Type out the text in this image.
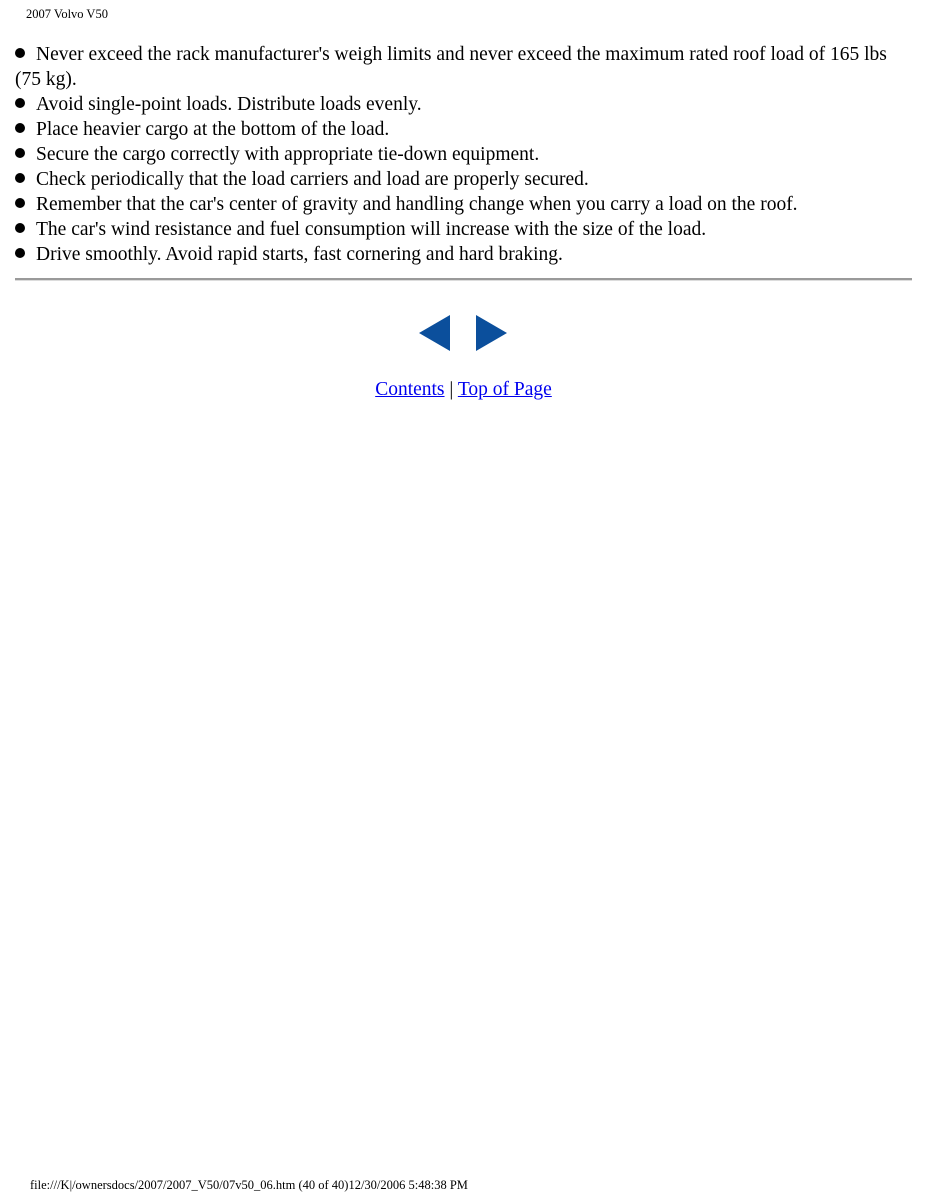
2007 Volvo V50
Never exceed the rack manufacturer's weigh limits and never exceed the maximum rated roof load of 165 lbs (75 kg).
Avoid single-point loads. Distribute loads evenly.
Place heavier cargo at the bottom of the load.
Secure the cargo correctly with appropriate tie-down equipment.
Check periodically that the load carriers and load are properly secured.
Remember that the car's center of gravity and handling change when you carry a load on the roof.
The car's wind resistance and fuel consumption will increase with the size of the load.
Drive smoothly. Avoid rapid starts, fast cornering and hard braking.
Contents | Top of Page
file:///K|/ownersdocs/2007/2007_V50/07v50_06.htm (40 of 40)12/30/2006 5:48:38 PM
